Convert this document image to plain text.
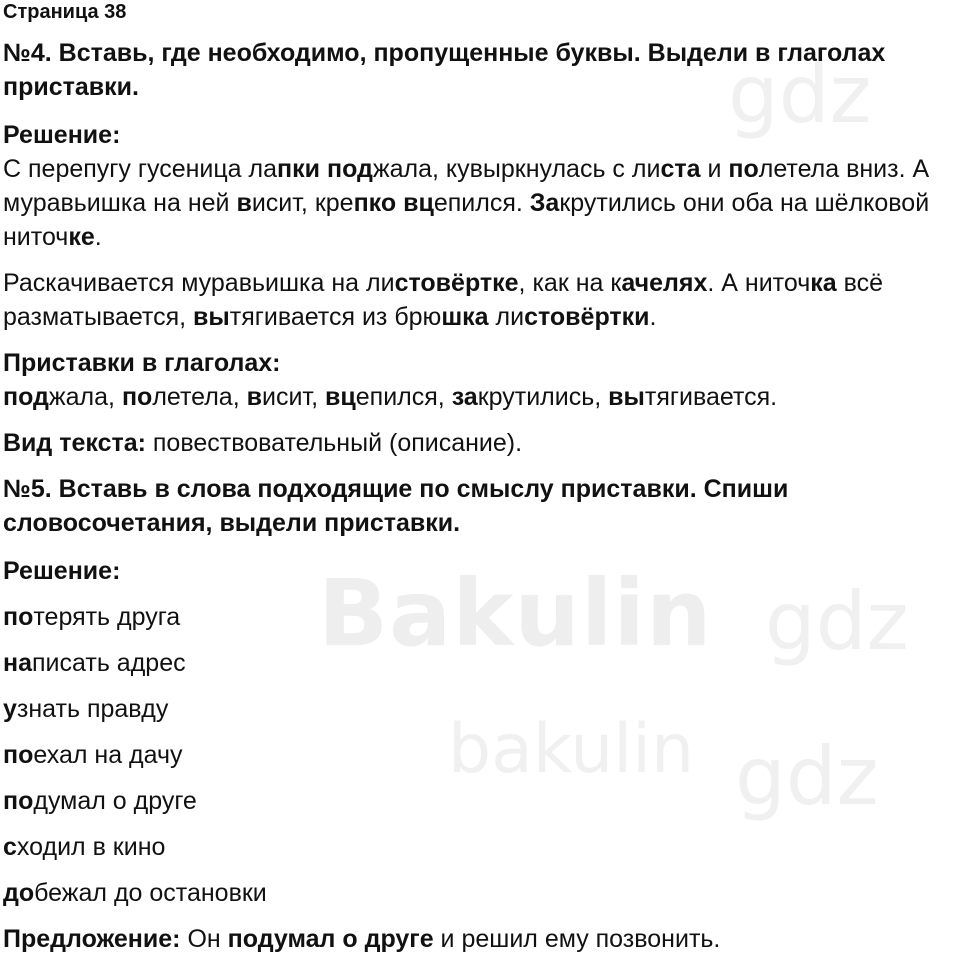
gdz
Bakulin gdz
bakulin gdz

Страница 38

№4. Вставь, где необходимо, пропущенные буквы. Выдели в глаголах приставки.

Решение:

С перепугу гусеница лапки поджала, кувыркнулась с листа и полетела вниз. А муравьишка на ней висит, крепко вцепился. Закрутились они оба на шёлковой ниточке.

Раскачивается муравьишка на листовёртке, как на качелях. А ниточка всё разматывается, вытягивается из брюшка листовёртки.

Приставки в глаголах:

поджала, полетела, висит, вцепился, закрутились, вытягивается.

Вид текста: повествовательный (описание).

№5. Вставь в слова подходящие по смыслу приставки. Спиши словосочетания, выдели приставки.

Решение:

потерять друга

написать адрес

узнать правду

поехал на дачу

подумал о друге

сходил в кино

добежал до остановки

Предложение: Он подумал о друге и решил ему позвонить.
